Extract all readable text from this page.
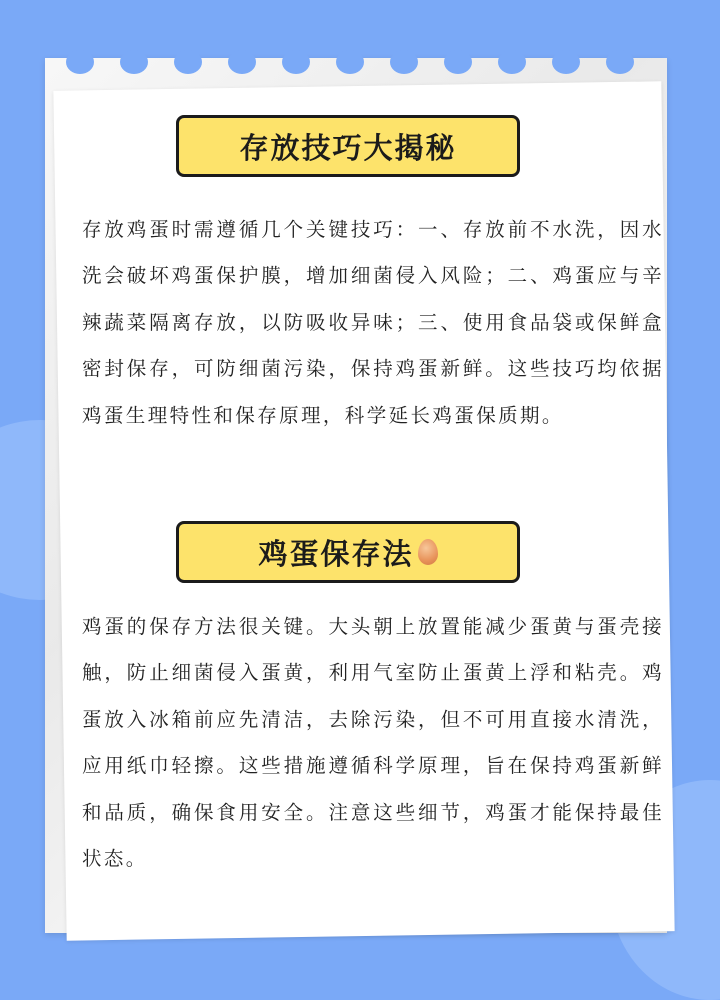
存放技巧大揭秘

存放鸡蛋时需遵循几个关键技巧：一、存放前不水洗，因水洗会破坏鸡蛋保护膜，增加细菌侵入风险；二、鸡蛋应与辛辣蔬菜隔离存放，以防吸收异味；三、使用食品袋或保鲜盒密封保存，可防细菌污染，保持鸡蛋新鲜。这些技巧均依据鸡蛋生理特性和保存原理，科学延长鸡蛋保质期。

鸡蛋保存法

鸡蛋的保存方法很关键。大头朝上放置能减少蛋黄与蛋壳接触，防止细菌侵入蛋黄，利用气室防止蛋黄上浮和粘壳。鸡蛋放入冰箱前应先清洁，去除污染，但不可用直接水清洗，应用纸巾轻擦。这些措施遵循科学原理，旨在保持鸡蛋新鲜和品质，确保食用安全。注意这些细节，鸡蛋才能保持最佳状态。
